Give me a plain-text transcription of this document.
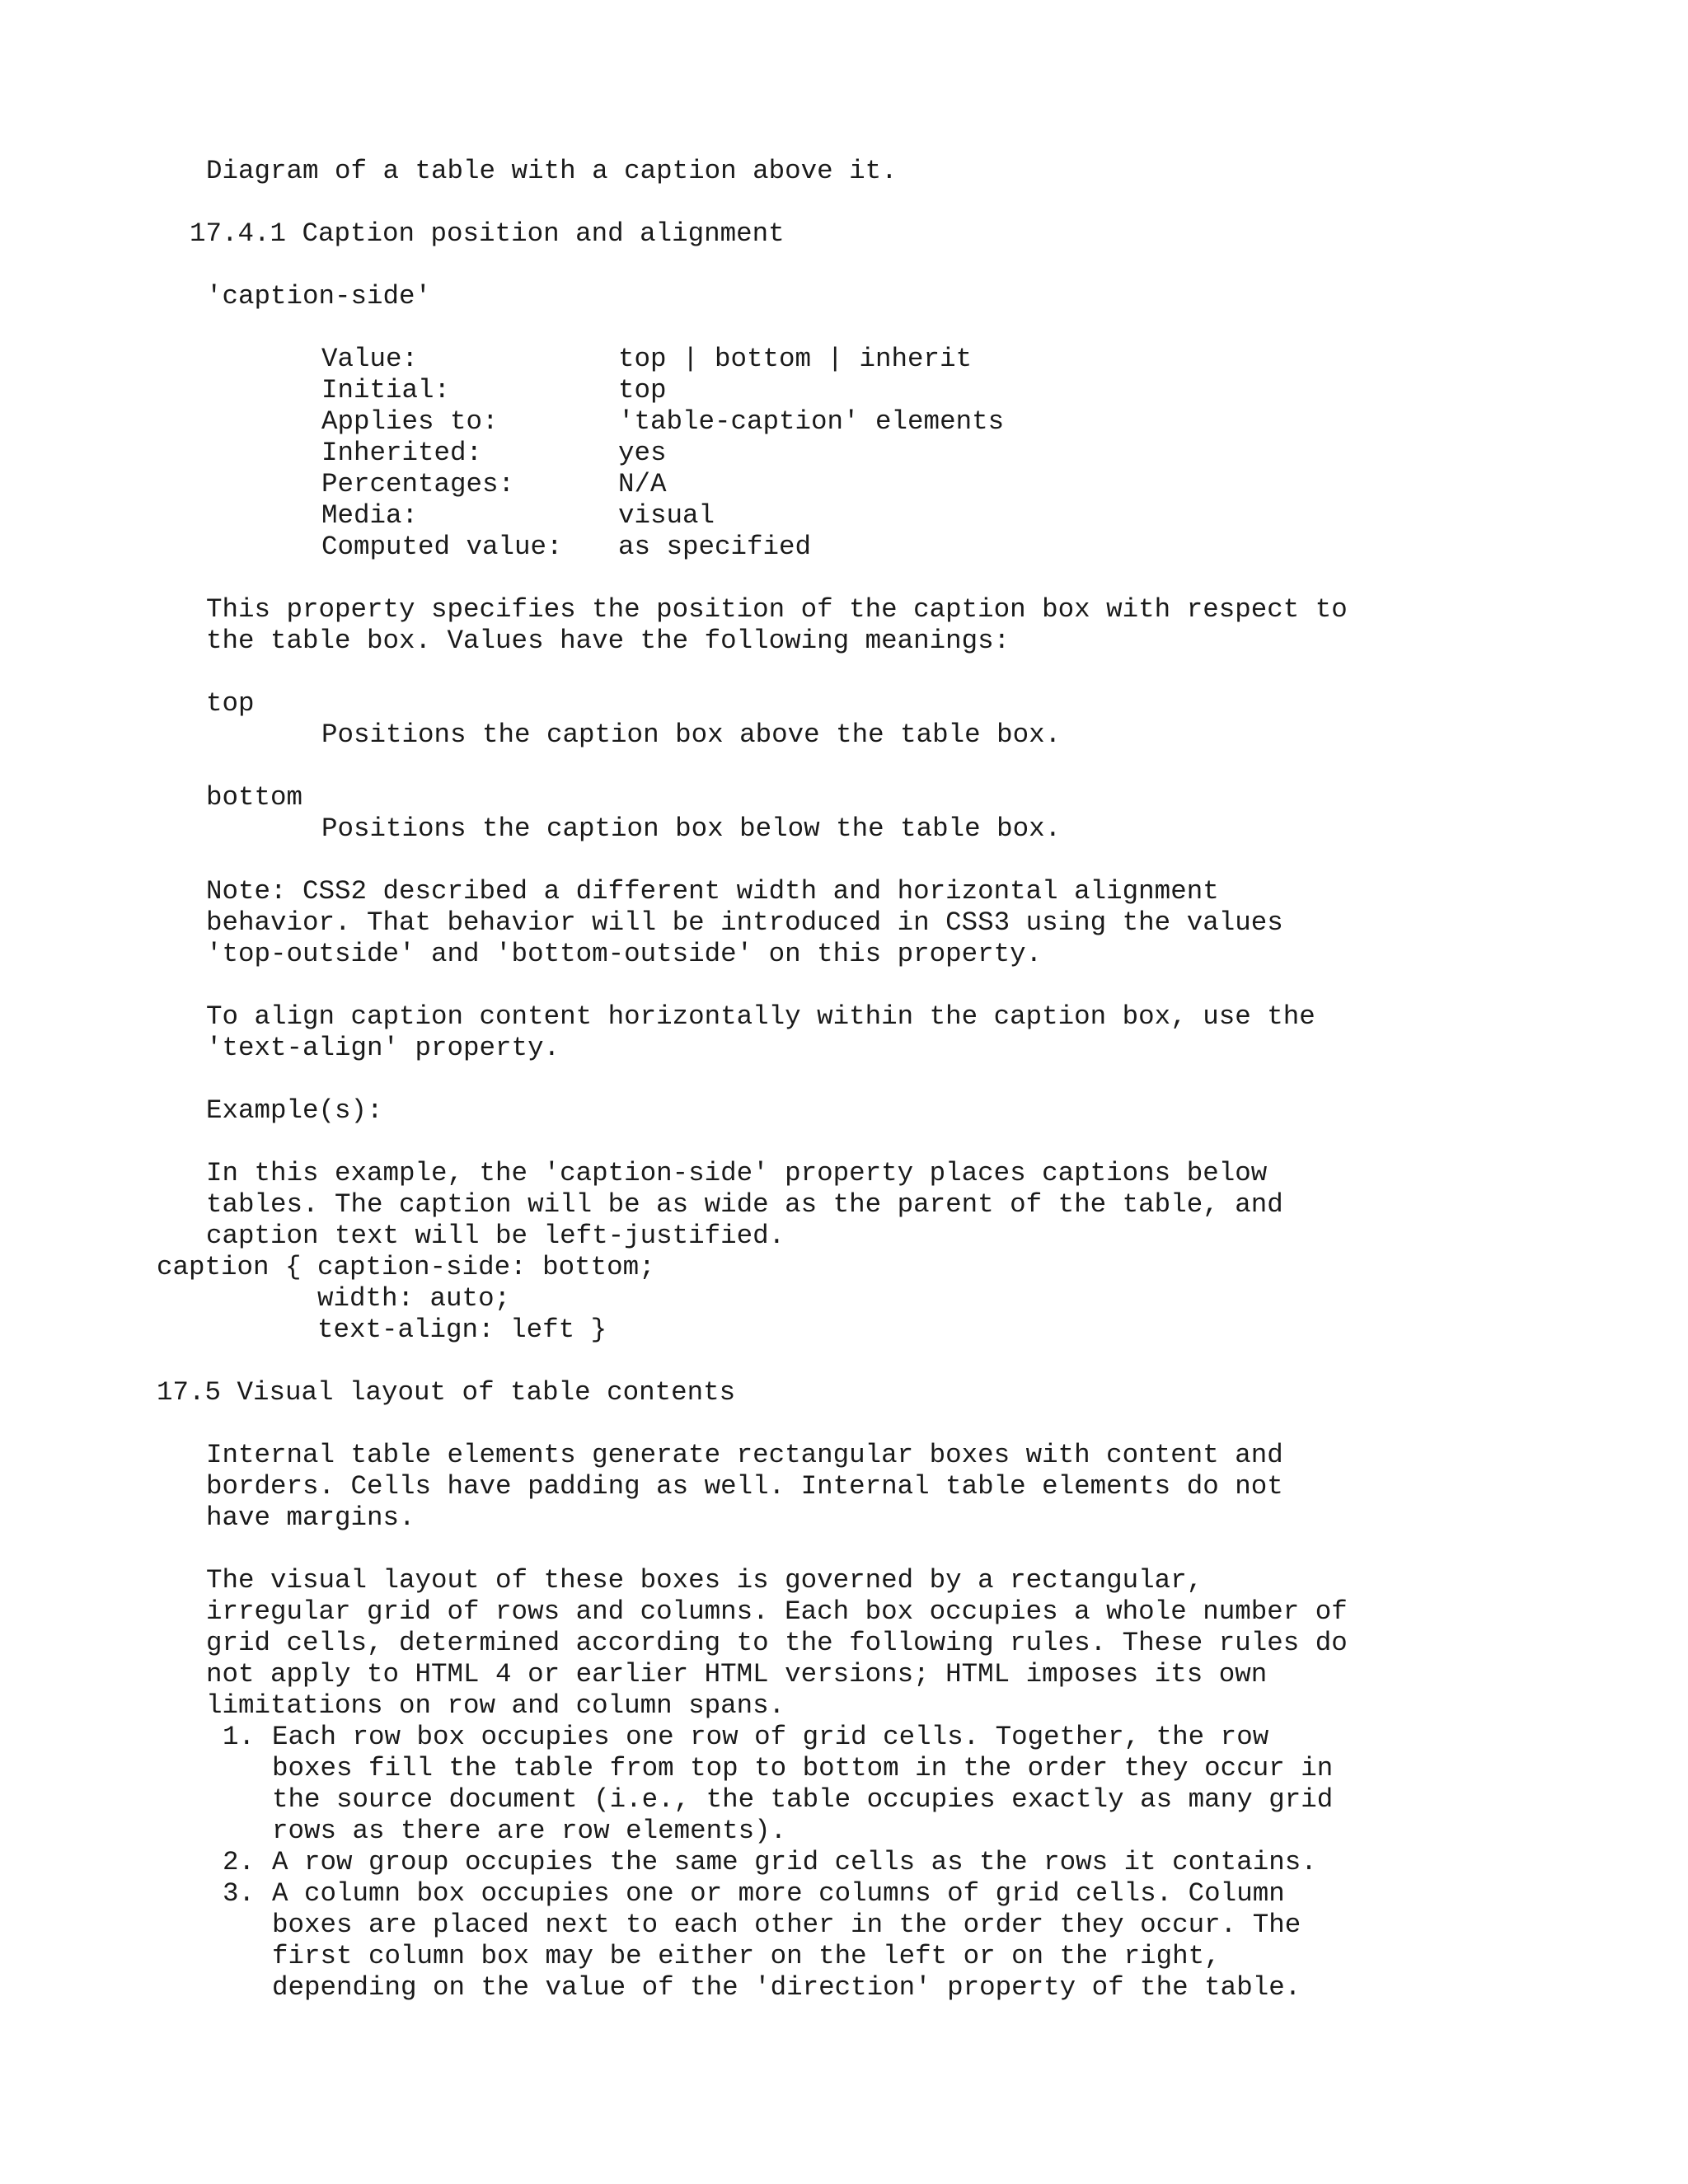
Diagram of a table with a caption above it.
17.4.1 Caption position and alignment
'caption-side'
Value:	top | bottom | inherit
Initial:	top
Applies to:	'table-caption' elements
Inherited:	yes
Percentages:	N/A
Media:	visual
Computed value: as specified
This property specifies the position of the caption box with respect to
the table box. Values have the following meanings:
top
Positions the caption box above the table box.
bottom
Positions the caption box below the table box.
Note: CSS2 described a different width and horizontal alignment
behavior. That behavior will be introduced in CSS3 using the values
'top-outside' and 'bottom-outside' on this property.
To align caption content horizontally within the caption box, use the
'text-align' property.
Example(s):
In this example, the 'caption-side' property places captions below
tables. The caption will be as wide as the parent of the table, and
caption text will be left-justified.
caption { caption-side: bottom;
width: auto;
text-align: left }
17.5 Visual layout of table contents
Internal table elements generate rectangular boxes with content and
borders. Cells have padding as well. Internal table elements do not
have margins.
The visual layout of these boxes is governed by a rectangular,
irregular grid of rows and columns. Each box occupies a whole number of
grid cells, determined according to the following rules. These rules do
not apply to HTML 4 or earlier HTML versions; HTML imposes its own
limitations on row and column spans.
1. Each row box occupies one row of grid cells. Together, the row
boxes fill the table from top to bottom in the order they occur in
the source document (i.e., the table occupies exactly as many grid
rows as there are row elements).
2. A row group occupies the same grid cells as the rows it contains.
3. A column box occupies one or more columns of grid cells. Column
boxes are placed next to each other in the order they occur. The
first column box may be either on the left or on the right,
depending on the value of the 'direction' property of the table.
